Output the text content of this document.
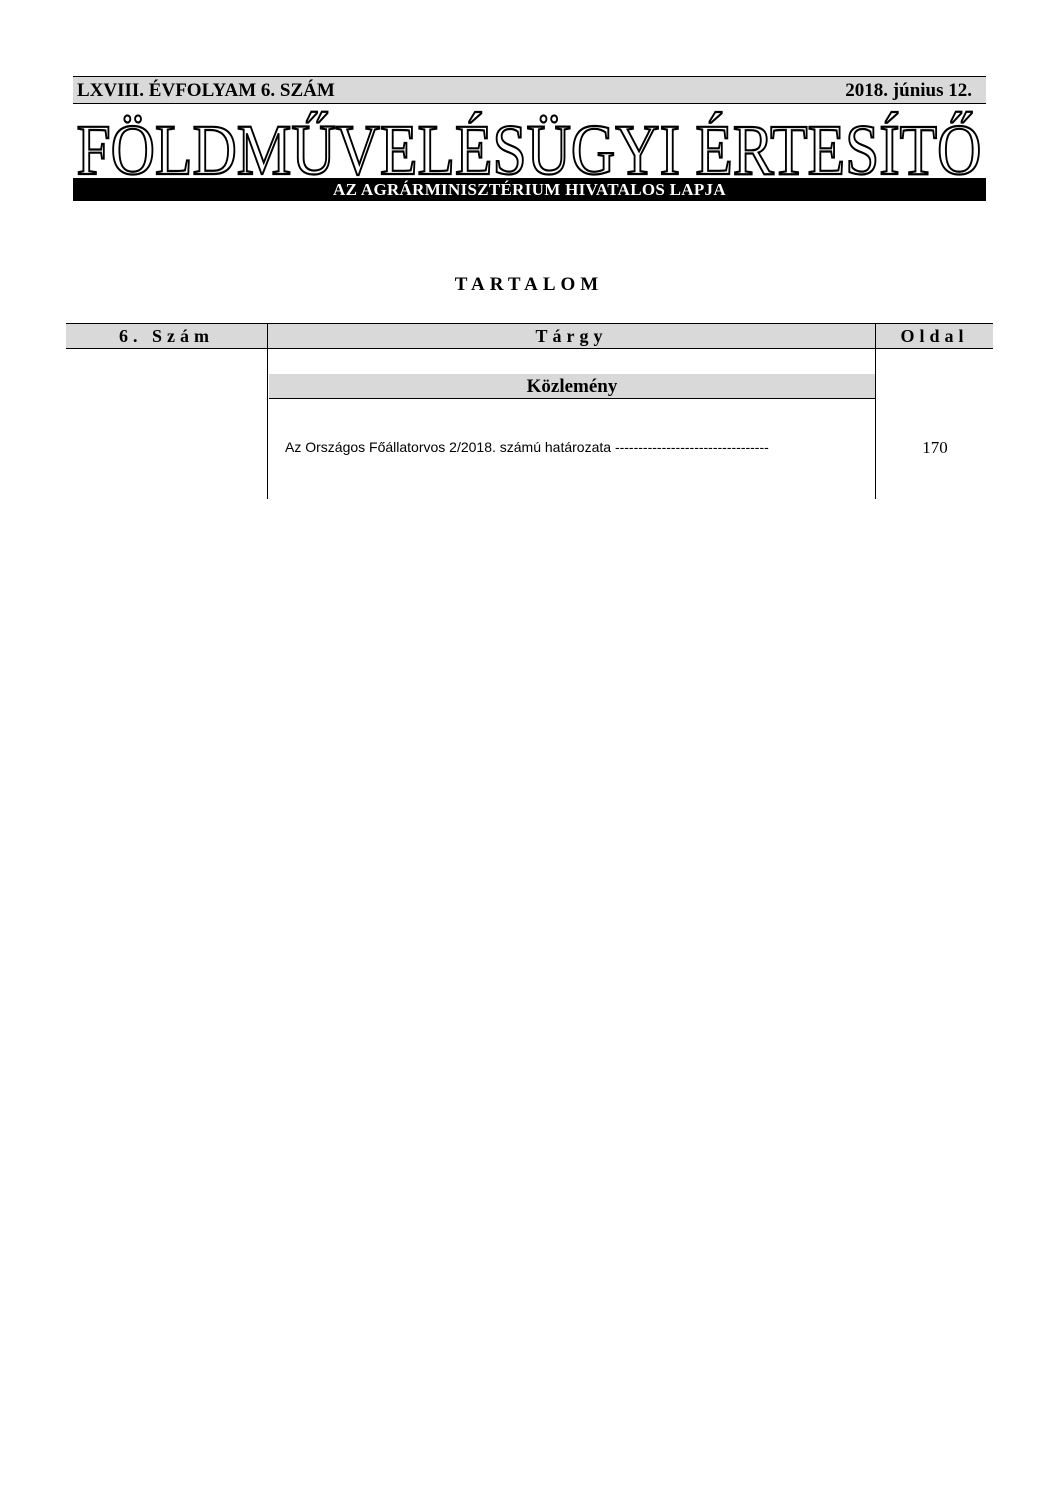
LXVIII. ÉVFOLYAM 6. SZÁM	2018. június 12.
FÖLDMŰVELÉSÜGYI ÉRTESÍTŐ
AZ AGRÁRMINISZTÉRIUM HIVATALOS LAPJA
TARTALOM
6. Szám	Tárgy	Oldal
Közlemény
Az Országos Főállatorvos 2/2018. számú határozata ---------------------------------	170
